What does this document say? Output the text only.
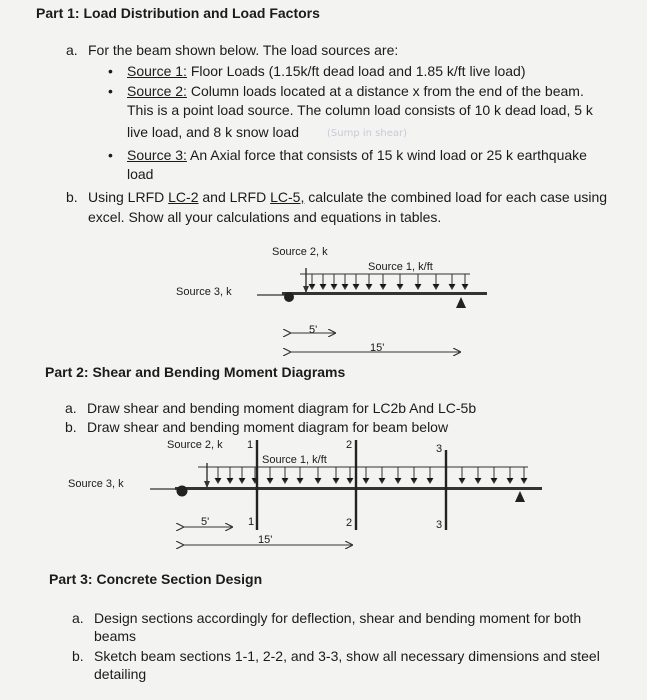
Part 1: Load Distribution and Load Factors
a. For the beam shown below. The load sources are:
• Source 1: Floor Loads (1.15k/ft dead load and 1.85 k/ft live load)
• Source 2: Column loads located at a distance x from the end of the beam.
This is a point load source. The column load consists of 10 k dead load, 5 k
live load, and 8 k snow load	(Sump in shear)
• Source 3: An Axial force that consists of 15 k wind load or 25 k earthquake
load
b. Using LRFD LC-2 and LRFD LC-5, calculate the combined load for each case using
excel. Show all your calculations and equations in tables.
Source 2, k
Source 1, k/ft
Source 3, k
5'
15'
Part 2: Shear and Bending Moment Diagrams
a. Draw shear and bending moment diagram for LC2b And LC-5b
b. Draw shear and bending moment diagram for beam below
Source 2, k 1	2	3
Source 1, k/ft
Source 3, k
5'	1	2	3
15'
Part 3: Concrete Section Design
a. Design sections accordingly for deflection, shear and bending moment for both
beams
b. Sketch beam sections 1-1, 2-2, and 3-3, show all necessary dimensions and steel
detailing
